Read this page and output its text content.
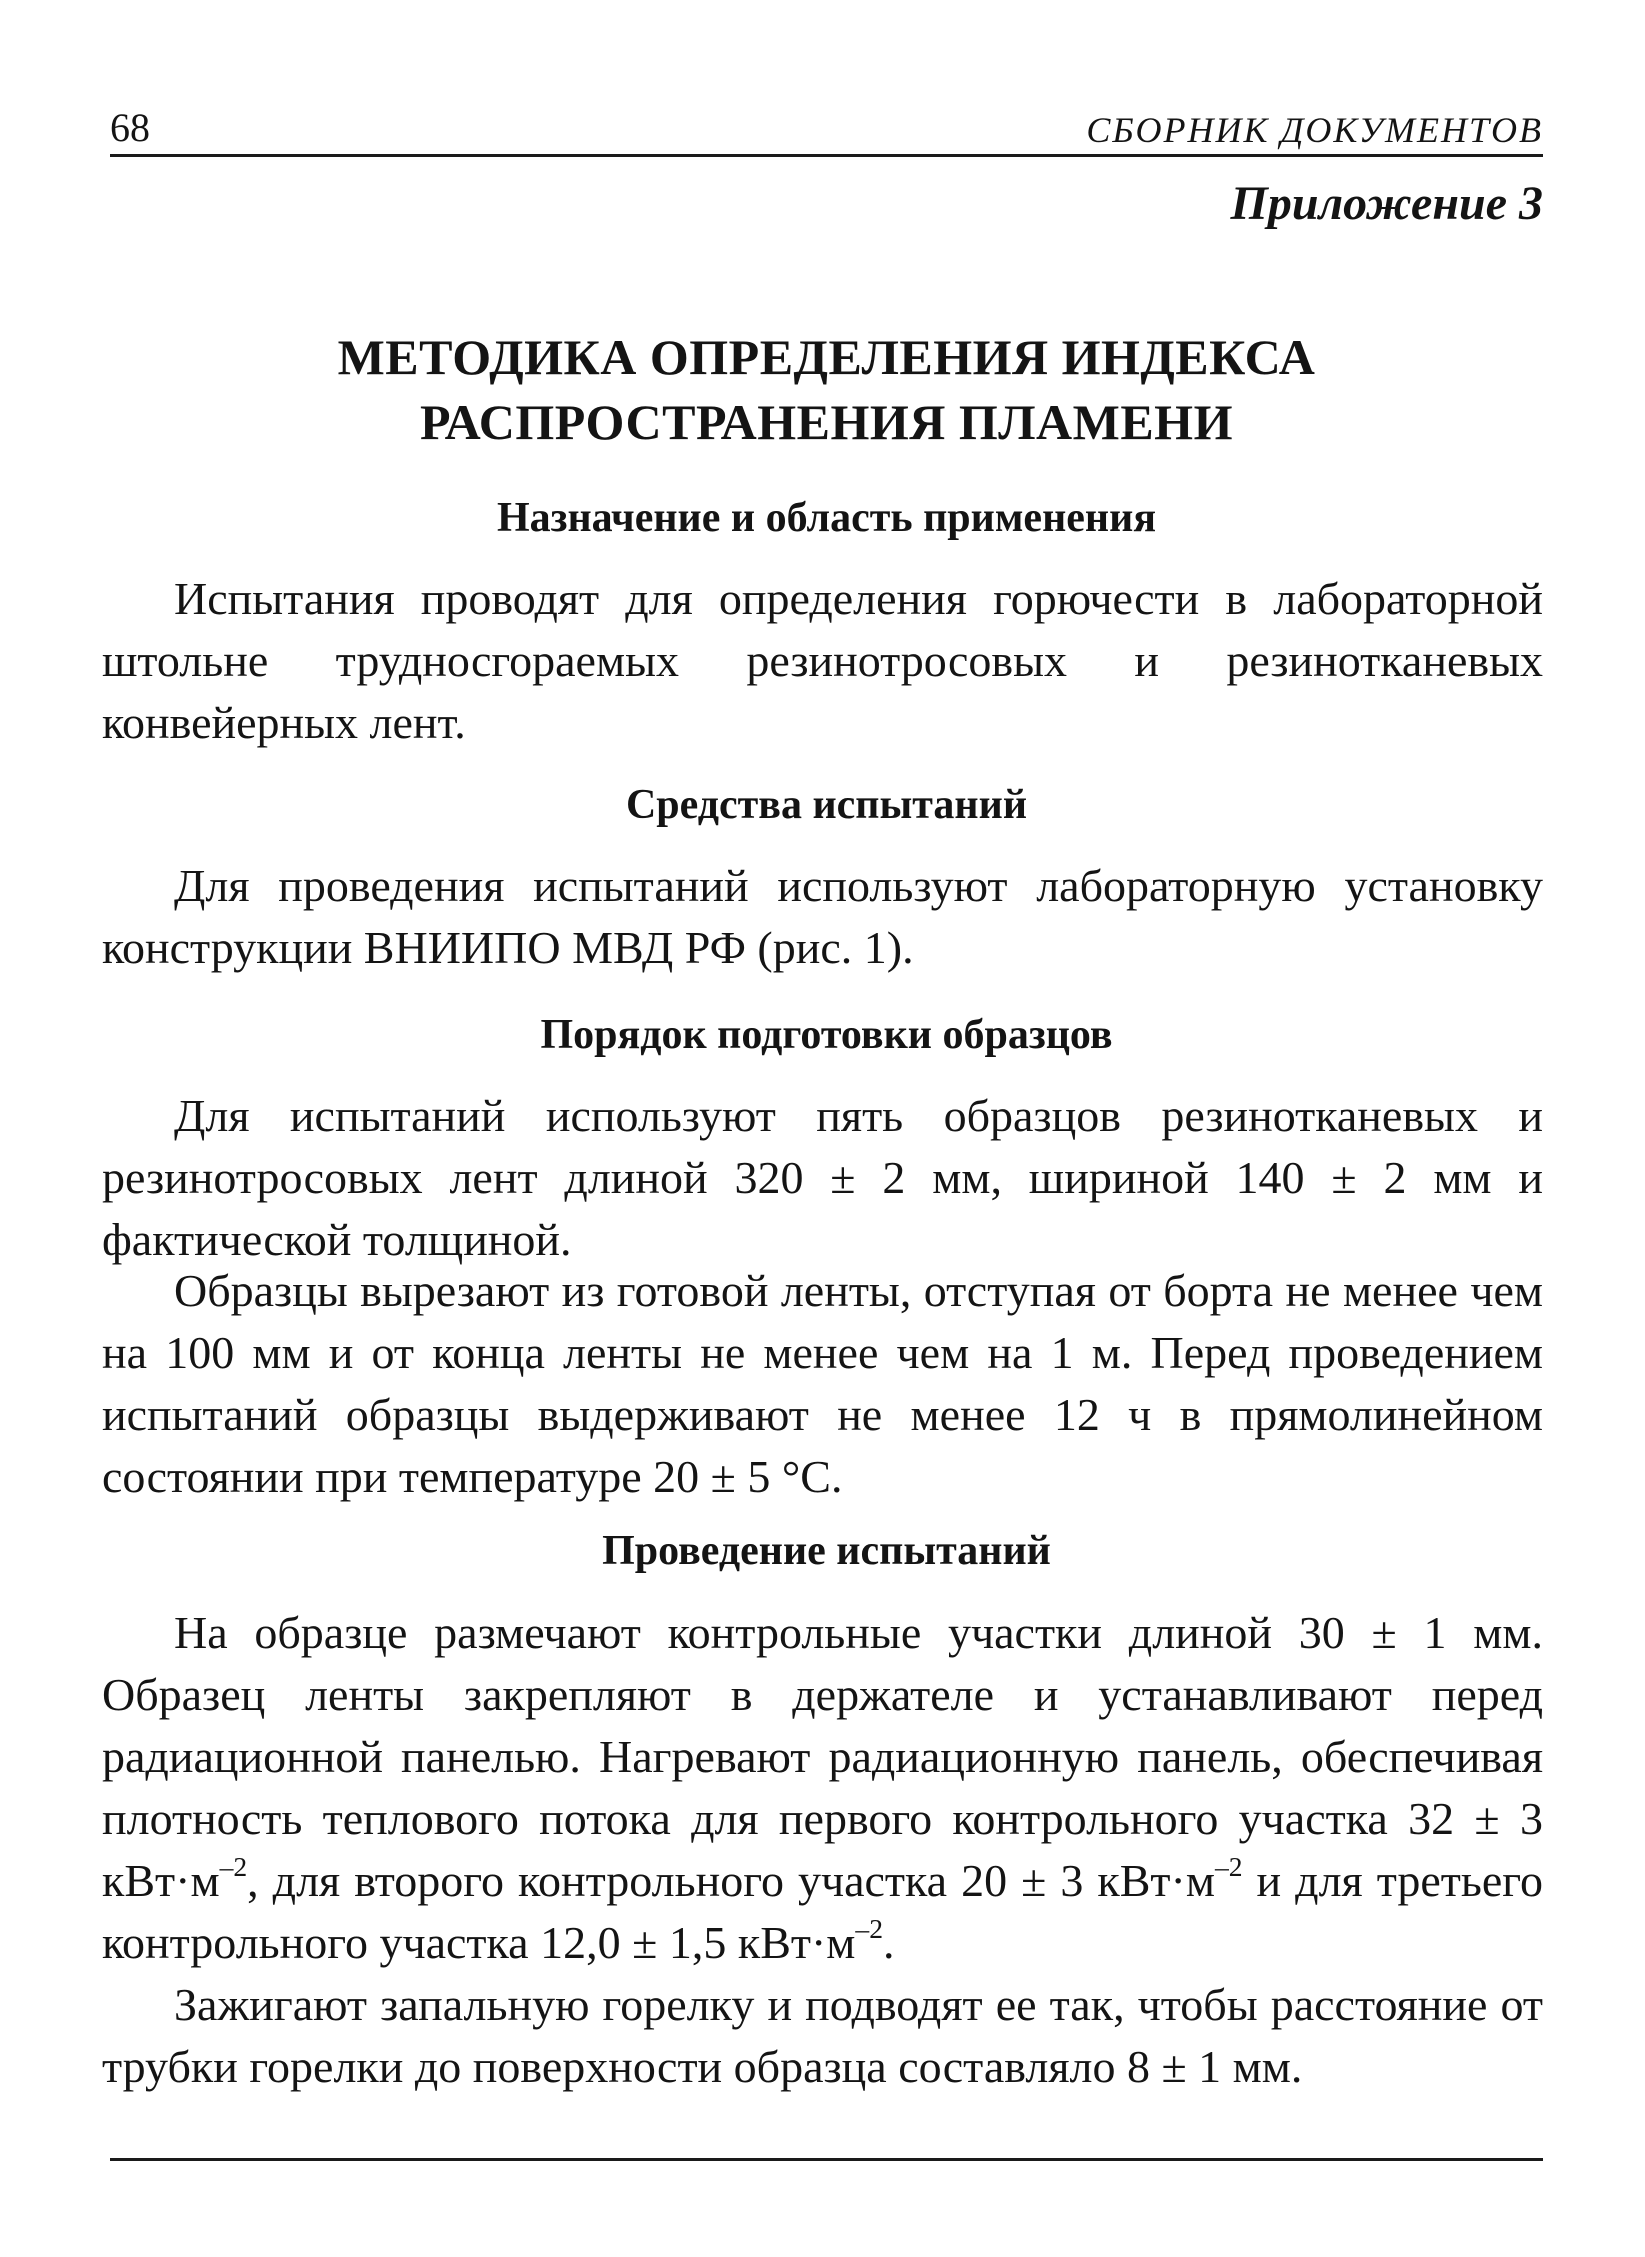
68	СБОРНИК ДОКУМЕНТОВ
Приложение 3
МЕТОДИКА ОПРЕДЕЛЕНИЯ ИНДЕКСА
РАСПРОСТРАНЕНИЯ ПЛАМЕНИ
Назначение и область применения

Испытания проводят для определения горючести в лабораторной штольне трудносгораемых резинотросовых и резинотканевых конвейерных лент.

Средства испытаний

Для проведения испытаний используют лабораторную установку конструкции ВНИИПО МВД РФ (рис. 1).

Порядок подготовки образцов

Для испытаний используют пять образцов резинотканевых и резинотросовых лент длиной 320 ± 2 мм, шириной 140 ± 2 мм и фактической толщиной.

Образцы вырезают из готовой ленты, отступая от борта не менее чем на 100 мм и от конца ленты не менее чем на 1 м. Перед проведением испытаний образцы выдерживают не менее 12 ч в прямолинейном состоянии при температуре 20 ± 5 °С.

Проведение испытаний

На образце размечают контрольные участки длиной 30 ± 1 мм. Образец ленты закрепляют в держателе и устанавливают перед радиационной панелью. Нагревают радиационную панель, обеспечивая плотность теплового потока для первого контрольного участка 32 ± 3 $кВт\cdot м^{-2}$, для второго контрольного участка 20 ± 3 $кВт\cdot м^{-2}$ и для третьего контрольного участка 12,0 ± 1,5 $кВт\cdot м^{-2}$.

Зажигают запальную горелку и подводят ее так, чтобы расстояние от трубки горелки до поверхности образца составляло 8 ± 1 мм.
